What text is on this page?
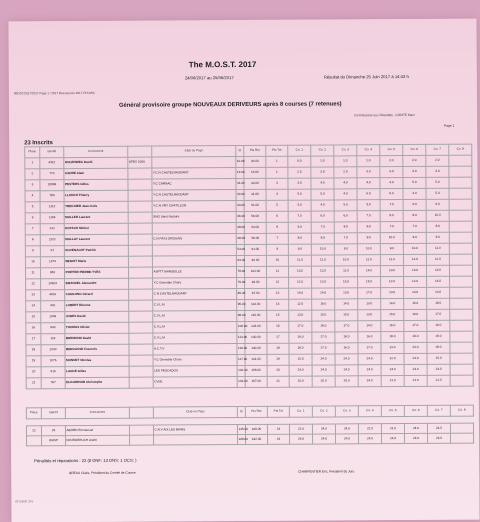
(MOST/2017/2017 Page 1 / 2017 Ressources 2017 FFCAM)
The M.O.S.T. 2017
24/06/2017 au 25/06/2017	Résultat du Dimanche 25 Juin 2017 à 14:43 h
Général provisoire groupe NOUVEAUX DERIVEURS après 8 courses (7 retenues)
Commissaire aux Résultats : COMTE Marc
Page 1
23 Inscrits
Place	Identif	Concurrent		Club ou Pays	Q	Pts Ret	Pts Tot	Co. 1	Co. 2	Co. 3	Co. 4	Co. 5	Co. 6	Co. 7	Co. 8
1	4312	HOLENWEG David	SPEX 1000		10.00	20.00	1	0.0	1.0	1.0	1.0	2.0	2.0	2.0	
2	773	CADRE Alain		Y.C.N CASTELNAUDARY	13.00	15.00	1	2.0	3.0	2.0	3.0	3.0	3.0	3.0	
3	10806	PESTERS Gilles		Y.C CARNAC	31.00	42.00	3	3.0	4.0	4.0	4.0	4.0	5.0	5.0	
4	780	LLONCH Thierry		Y.C.N CASTELNAUDARY	33.00	41.00	4	5.0	5.0	4.0	6.0	6.0	4.0	5.0	
5	1112	TREGUIER Jean-louis		Y.C.N VRY CHATILLON	34.00	51.00	5	5.0	4.0	5.0	5.0	7.0	6.0	6.0	
6	1164	MULLER Laurent		SNO Saint Nazaire	46.00	56.00	6	7.0	6.0	6.0	7.0	8.0	8.0	10.0	
7	312	ROTACH Michel			48.00	54.00	8	6.0	7.0	8.0	8.0	7.0	7.0	8.0	
8	2222	MALLAY Laurent		C.N PAYS DROUAIS	48.00	58.00	7	8.0	8.0	7.0	9.0	10.0	9.0	9.0	
9	67	RUVENACHT Patrick			54.00	61.00	9	9.0	10.0	9.0	10.0	9.0	10.0	11.0	
10	1474	BENOIT Maria			64.00	82.00	10	11.0	11.0	10.0	11.0	11.0	12.0	11.0	
11	383	PFIRTER PIERRE-YVES		ASPTT MARSEILLE	78.00	102.00	11	13.0	12.0	11.0	14.0	10.0	13.0	14.0	
12	10624	EMANUEL Alexandre		Y.C Grenoble Charv.	79.00	93.00	12	12.0	13.0	15.0	15.0	12.0	12.0	14.0	
13	4916	CAMLONG Gérard		C.N CASTELNAUDARY	80.00	97.00	13	14.0	14.0	13.0	17.0	13.0	14.0	14.0	
14	401	LOBERT Etienne		C.V.L.M	95.00	113.00	14	12.0	16.0	14.0	13.0	14.0	15.0	18.0	
15	1036	JONES David		C.V.L.M	96.00	115.00	15	13.0	15.0	15.0	13.0	15.0	16.0	17.0	
16	940	THOMAS Olivier		C.V.L.M	100.00	124.00	16	17.0	18.0	17.0	14.0	16.0	17.0	16.0	
17	119	BREMOND David		C.V.L.M	113.00	130.00	17	16.0	17.0	18.0	16.0	18.0	19.0	19.0	
18	1030	BERGASSE Francois		A.C.T.V	116.00	140.00	18	18.0	17.0	16.0	17.0	13.0	24.0	18.0	
19	1076	MONNET Nicolas		Y.C Grenoble Charv.	117.00	141.00	19	15.0	24.0	24.0	24.0	12.0	24.0	15.0	
20	616	LANCE Gilles		LES PESCADOU	132.00	156.00	20	24.0	24.0	24.0	24.0	24.0	24.0	24.0	
21	767	DUCARROIR Christophe		CVML	133.00	157.00	21	20.0	20.0	20.0	24.0	21.0	21.0	21.0	
Place	Identif	Concurrent		Club ou Pays	Q	Pts Ret	Pts Tot	Co. 1	Co. 2	Co. 3	Co. 4	Co. 5	Co. 6	Co. 7	Co. 8
22	29	ABORD Emmanuel		C.N.V AIX LES BAINS	145.00	169.00	24	21.0	24.0	24.0	22.0	21.0	24.0	24.0	
	WASP	FRUEDERUCH André			168.00	192.00	24	24.0	24.0	24.0	24.0	24.0	24.0	24.0	
Pénalités et réparations : 22 (8 DNF; 13 DNS; 1 OCS; )
BREAU Claire, Président du Comité de Course	CHARPENTIER Eric, Président du Jury
(STUDIO .24 )
